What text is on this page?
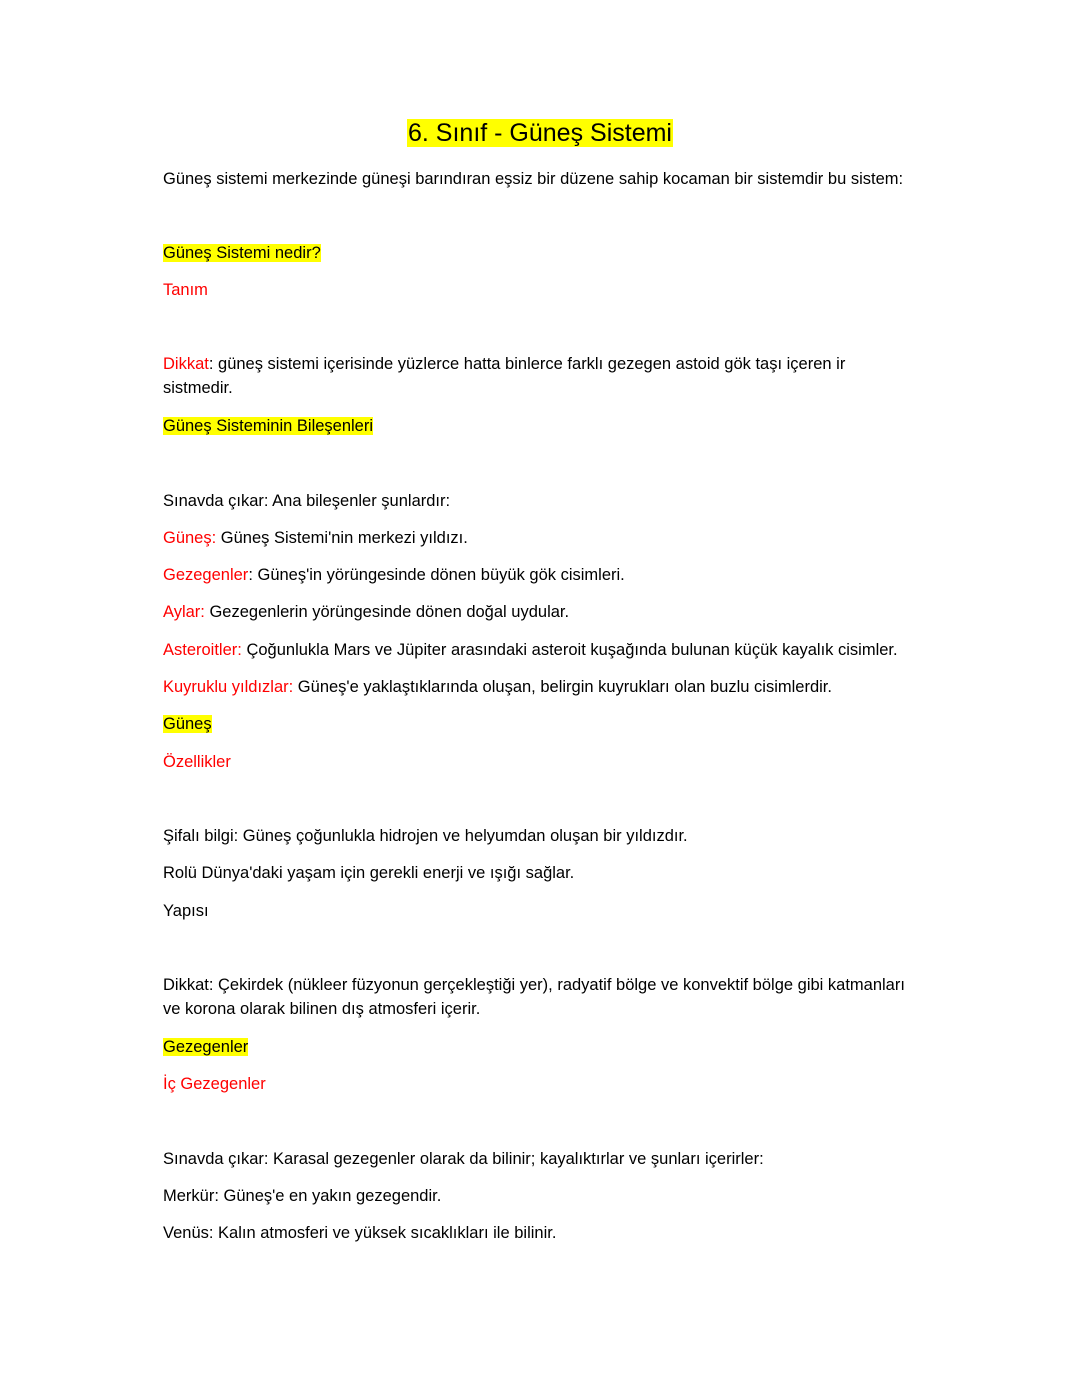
6. Sınıf - Güneş Sistemi
Güneş sistemi merkezinde güneşi barındıran eşsiz bir düzene sahip kocaman bir sistemdir bu sistem:
Güneş Sistemi nedir?
Tanım
Dikkat: güneş sistemi içerisinde yüzlerce hatta binlerce farklı gezegen astoid gök taşı içeren ir sistmedir.
Güneş Sisteminin Bileşenleri
Sınavda çıkar: Ana bileşenler şunlardır:
Güneş: Güneş Sistemi'nin merkezi yıldızı.
Gezegenler: Güneş'in yörüngesinde dönen büyük gök cisimleri.
Aylar: Gezegenlerin yörüngesinde dönen doğal uydular.
Asteroitler: Çoğunlukla Mars ve Jüpiter arasındaki asteroit kuşağında bulunan küçük kayalık cisimler.
Kuyruklu yıldızlar: Güneş'e yaklaştıklarında oluşan, belirgin kuyrukları olan buzlu cisimlerdir.
Güneş
Özellikler
Şifalı bilgi: Güneş çoğunlukla hidrojen ve helyumdan oluşan bir yıldızdır.
Rolü Dünya'daki yaşam için gerekli enerji ve ışığı sağlar.
Yapısı
Dikkat: Çekirdek (nükleer füzyonun gerçekleştiği yer), radyatif bölge ve konvektif bölge gibi katmanları ve korona olarak bilinen dış atmosferi içerir.
Gezegenler
İç Gezegenler
Sınavda çıkar: Karasal gezegenler olarak da bilinir; kayalıktırlar ve şunları içerirler:
Merkür: Güneş'e en yakın gezegendir.
Venüs: Kalın atmosferi ve yüksek sıcaklıkları ile bilinir.
